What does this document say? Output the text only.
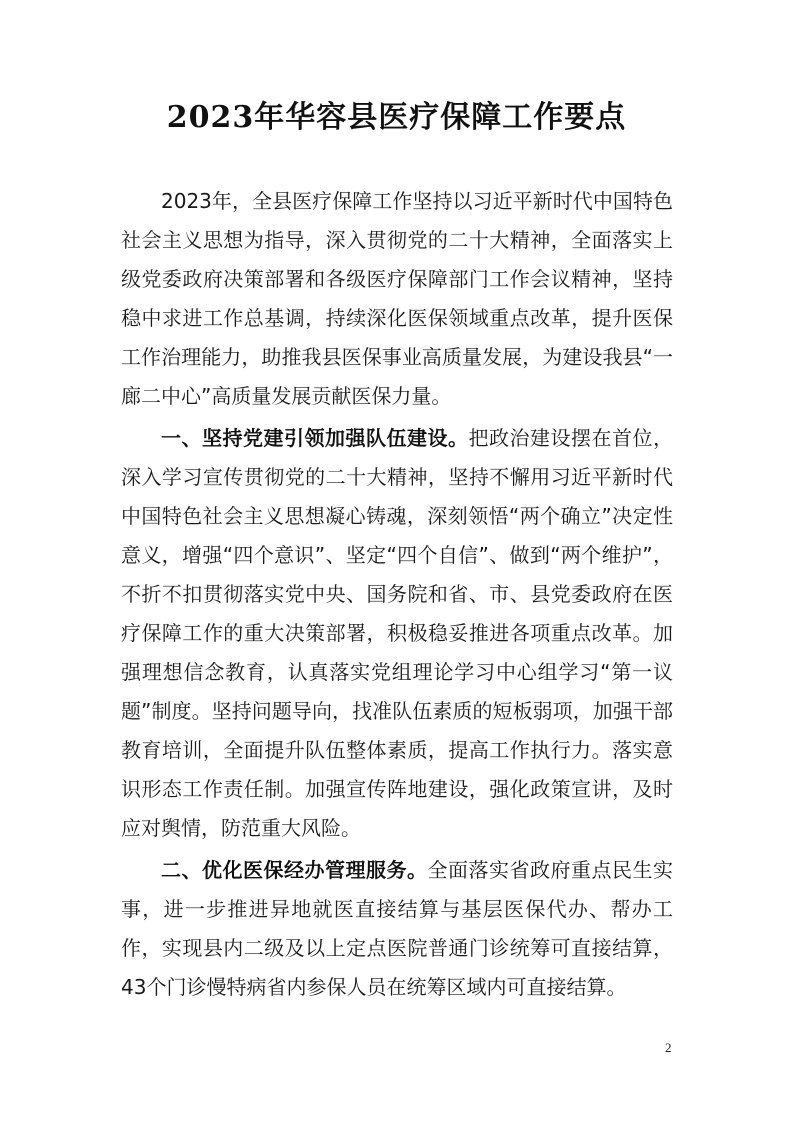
2023年华容县医疗保障工作要点

2023年，全县医疗保障工作坚持以习近平新时代中国特色社会主义思想为指导，深入贯彻党的二十大精神，全面落实上级党委政府决策部署和各级医疗保障部门工作会议精神，坚持稳中求进工作总基调，持续深化医保领域重点改革，提升医保工作治理能力，助推我县医保事业高质量发展，为建设我县“一廊二中心”高质量发展贡献医保力量。

一、坚持党建引领加强队伍建设。把政治建设摆在首位，深入学习宣传贯彻党的二十大精神，坚持不懈用习近平新时代中国特色社会主义思想凝心铸魂，深刻领悟“两个确立”决定性意义，增强“四个意识”、坚定“四个自信”、做到“两个维护”，不折不扣贯彻落实党中央、国务院和省、市、县党委政府在医疗保障工作的重大决策部署，积极稳妥推进各项重点改革。加强理想信念教育，认真落实党组理论学习中心组学习“第一议题”制度。坚持问题导向，找准队伍素质的短板弱项，加强干部教育培训，全面提升队伍整体素质，提高工作执行力。落实意识形态工作责任制。加强宣传阵地建设，强化政策宣讲，及时应对舆情，防范重大风险。

二、优化医保经办管理服务。全面落实省政府重点民生实事，进一步推进异地就医直接结算与基层医保代办、帮办工作，实现县内二级及以上定点医院普通门诊统筹可直接结算，43个门诊慢特病省内参保人员在统筹区域内可直接结算。

2
